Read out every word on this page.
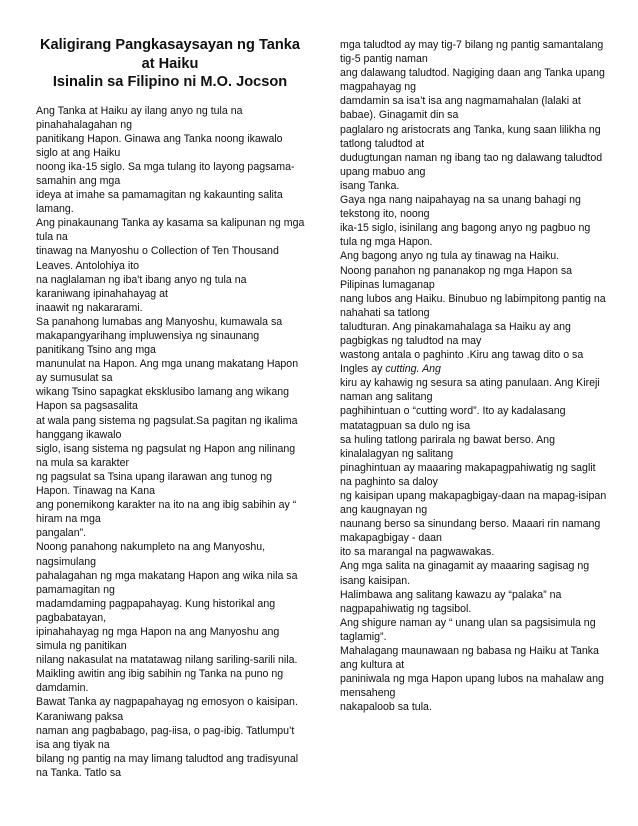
Kaligirang Pangkasaysayan ng Tanka
at Haiku
Isinalin sa Filipino ni M.O. Jocson
Ang Tanka at Haiku ay ilang anyo ng tula na
pinahahalagahan ng
panitikang Hapon. Ginawa ang Tanka noong ikawalo
siglo at ang Haiku
noong ika-15 siglo. Sa mga tulang ito layong pagsama-
samahin ang mga
ideya at imahe sa pamamagitan ng kakaunting salita
lamang.
Ang pinakaunang Tanka ay kasama sa kalipunan ng mga
tula na
tinawag na Manyoshu o Collection of Ten Thousand
Leaves. Antolohiya ito
na naglalaman ng iba't ibang anyo ng tula na
karaniwang ipinahahayag at
inaawit ng nakararami.
Sa panahong lumabas ang Manyoshu, kumawala sa
makapangyarihang impluwensiya ng sinaunang
panitikang Tsino ang mga
manunulat na Hapon. Ang mga unang makatang Hapon
ay sumusulat sa
wikang Tsino sapagkat eksklusibo lamang ang wikang
Hapon sa pagsasalita
at wala pang sistema ng pagsulat.Sa pagitan ng ikalima
hanggang ikawalo
siglo, isang sistema ng pagsulat ng Hapon ang nilinang
na mula sa karakter
ng pagsulat sa Tsina upang ilarawan ang tunog ng
Hapon. Tinawag na Kana
ang ponemikong karakter na ito na ang ibig sabihin ay “
hiram na mga
pangalan”.
Noong panahong nakumpleto na ang Manyoshu,
nagsimulang
pahalagahan ng mga makatang Hapon ang wika nila sa
pamamagitan ng
madamdaming pagpapahayag. Kung historikal ang
pagbabatayan,
ipinahahayag ng mga Hapon na ang Manyoshu ang
simula ng panitikan
nilang nakasulat na matatawag nilang sariling-sarili nila.
Maikling awitin ang ibig sabihin ng Tanka na puno ng
damdamin.
Bawat Tanka ay nagpapahayag ng emosyon o kaisipan.
Karaniwang paksa
naman ang pagbabago, pag-iisa, o pag-ibig. Tatlumpu’t
isa ang tiyak na
bilang ng pantig na may limang taludtod ang tradisyunal
na Tanka. Tatlo sa
mga taludtod ay may tig-7 bilang ng pantig samantalang
tig-5 pantig naman
ang dalawang taludtod. Nagiging daan ang Tanka upang
magpahayag ng
damdamin sa isa’t isa ang nagmamahalan (lalaki at
babae). Ginagamit din sa
paglalaro ng aristocrats ang Tanka, kung saan lilikha ng
tatlong taludtod at
dudugtungan naman ng ibang tao ng dalawang taludtod
upang mabuo ang
isang Tanka.
Gaya nga nang naipahayag na sa unang bahagi ng
tekstong ito, noong
ika-15 siglo, isinilang ang bagong anyo ng pagbuo ng
tula ng mga Hapon.
Ang bagong anyo ng tula ay tinawag na Haiku.
Noong panahon ng pananakop ng mga Hapon sa
Pilipinas lumaganap
nang lubos ang Haiku. Binubuo ng labimpitong pantig na
nahahati sa tatlong
taludturan. Ang pinakamahalaga sa Haiku ay ang
pagbigkas ng taludtod na may
wastong antala o paghinto .Kiru ang tawag dito o sa
Ingles ay cutting. Ang
kiru ay kahawig ng sesura sa ating panulaan. Ang Kireji
naman ang salitang
paghihintuan o “cutting word”. Ito ay kadalasang
matatagpuan sa dulo ng isa
sa huling tatlong parirala ng bawat berso. Ang
kinalalagyan ng salitang
pinaghintuan ay maaaring makapagpahiwatig ng saglit
na paghinto sa daloy
ng kaisipan upang makapagbigay-daan na mapag-isipan
ang kaugnayan ng
naunang berso sa sinundang berso. Maaari rin namang
makapagbigay - daan
ito sa marangal na pagwawakas.
Ang mga salita na ginagamit ay maaaring sagisag ng
isang kaisipan.
Halimbawa ang salitang kawazu ay “palaka” na
nagpapahiwatig ng tagsibol.
Ang shigure naman ay “ unang ulan sa pagsisimula ng
taglamig”.
Mahalagang maunawaan ng babasa ng Haiku at Tanka
ang kultura at
paniniwala ng mga Hapon upang lubos na mahalaw ang
mensaheng
nakapaloob sa tula.
